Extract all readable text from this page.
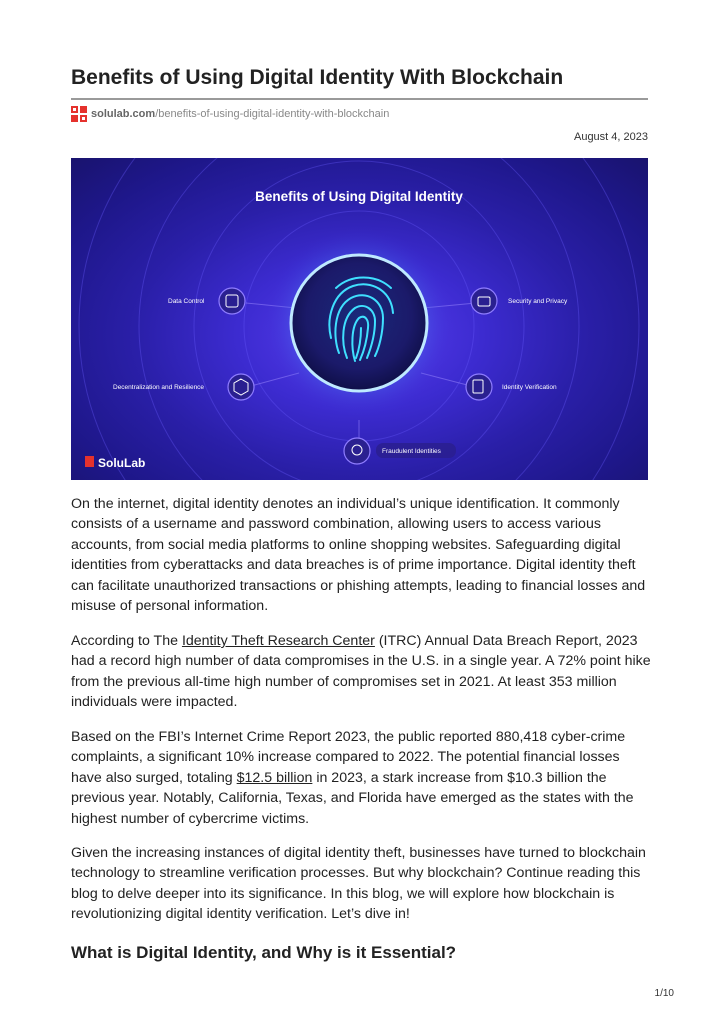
Benefits of Using Digital Identity With Blockchain
solulab.com /benefits-of-using-digital-identity-with-blockchain
August 4, 2023
Benefits of Using Digital Identity
Data Control	Security and Privacy
Decentralization and Resilience	Identity Verification
Fraudulent Identities
SoluLab

On the internet, digital identity denotes an individual’s unique identification. It commonly consists of a username and password combination, allowing users to access various accounts, from social media platforms to online shopping websites. Safeguarding digital identities from cyberattacks and data breaches is of prime importance. Digital identity theft can facilitate unauthorized transactions or phishing attempts, leading to financial losses and misuse of personal information.

According to The Identity Theft Research Center (ITRC) Annual Data Breach Report, 2023 had a record high number of data compromises in the U.S. in a single year. A 72% point hike from the previous all-time high number of compromises set in 2021. At least 353 million individuals were impacted.

Based on the FBI’s Internet Crime Report 2023, the public reported 880,418 cyber-crime complaints, a significant 10% increase compared to 2022. The potential financial losses have also surged, totaling $12.5 billion in 2023, a stark increase from $10.3 billion the previous year. Notably, California, Texas, and Florida have emerged as the states with the highest number of cybercrime victims.

Given the increasing instances of digital identity theft, businesses have turned to blockchain technology to streamline verification processes. But why blockchain? Continue reading this blog to delve deeper into its significance. In this blog, we will explore how blockchain is revolutionizing digital identity verification. Let’s dive in!

What is Digital Identity, and Why is it Essential?
1/10
